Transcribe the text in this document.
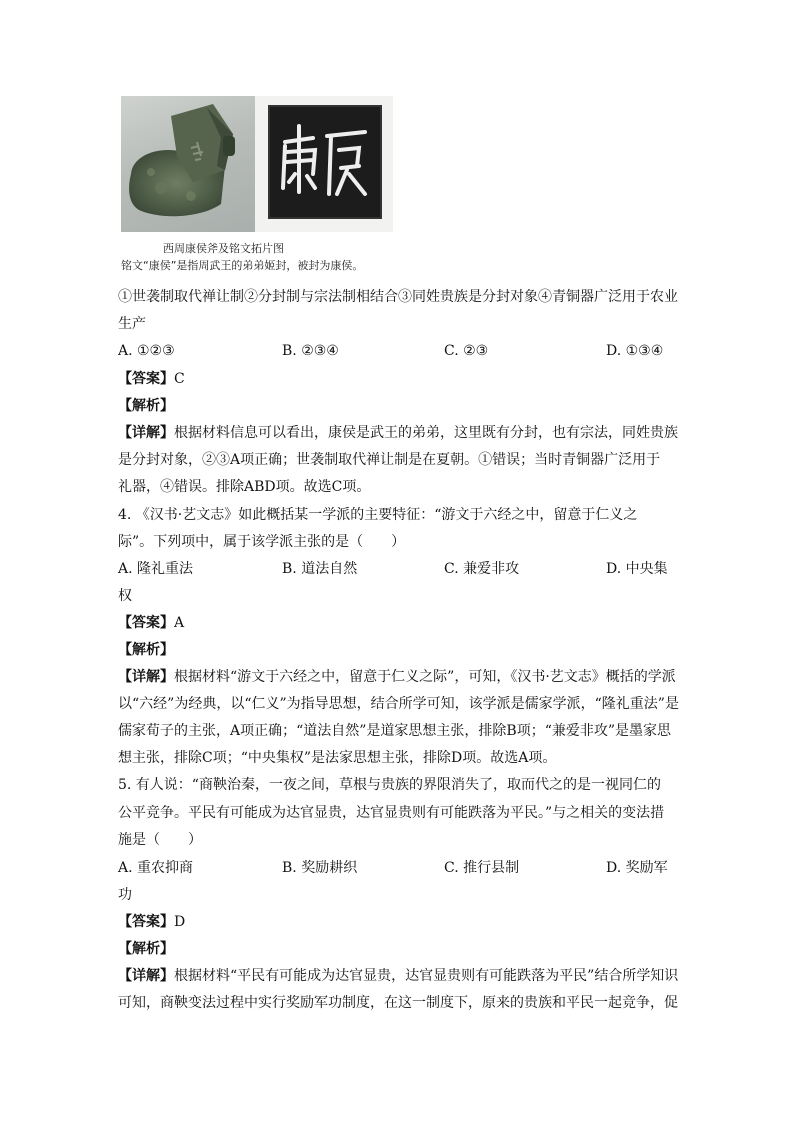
西周康侯斧及铭文拓片图
铭文“康侯”是指周武王的弟弟姬封，被封为康侯。
①世袭制取代禅让制②分封制与宗法制相结合③同姓贵族是分封对象④青铜器广泛用于农业
生产
A. ①②③	B. ②③④	C. ②③	D. ①③④
【答案】C
【解析】
【详解】根据材料信息可以看出，康侯是武王的弟弟，这里既有分封，也有宗法，同姓贵族
是分封对象，②③A项正确；世袭制取代禅让制是在夏朝。①错误；当时青铜器广泛用于
礼器，④错误。排除ABD项。故选C项。
4. 《汉书·艺文志》如此概括某一学派的主要特征：“游文于六经之中，留意于仁义之
际”。下列项中，属于该学派主张的是（　　）
A. 隆礼重法	B. 道法自然	C. 兼爱非攻	D. 中央集
权
【答案】A
【解析】
【详解】根据材料“游文于六经之中，留意于仁义之际”，可知，《汉书·艺文志》概括的学派
以“六经”为经典，以“仁义”为指导思想，结合所学可知，该学派是儒家学派，“隆礼重法”是
儒家荀子的主张，A项正确；“道法自然”是道家思想主张，排除B项；“兼爱非攻”是墨家思
想主张，排除C项；“中央集权”是法家思想主张，排除D项。故选A项。
5. 有人说：“商鞅治秦，一夜之间，草根与贵族的界限消失了，取而代之的是一视同仁的
公平竞争。平民有可能成为达官显贵，达官显贵则有可能跌落为平民。”与之相关的变法措
施是（　　）
A. 重农抑商	B. 奖励耕织	C. 推行县制	D. 奖励军
功
【答案】D
【解析】
【详解】根据材料“平民有可能成为达官显贵，达官显贵则有可能跌落为平民”结合所学知识
可知，商鞅变法过程中实行奖励军功制度，在这一制度下，原来的贵族和平民一起竞争，促
